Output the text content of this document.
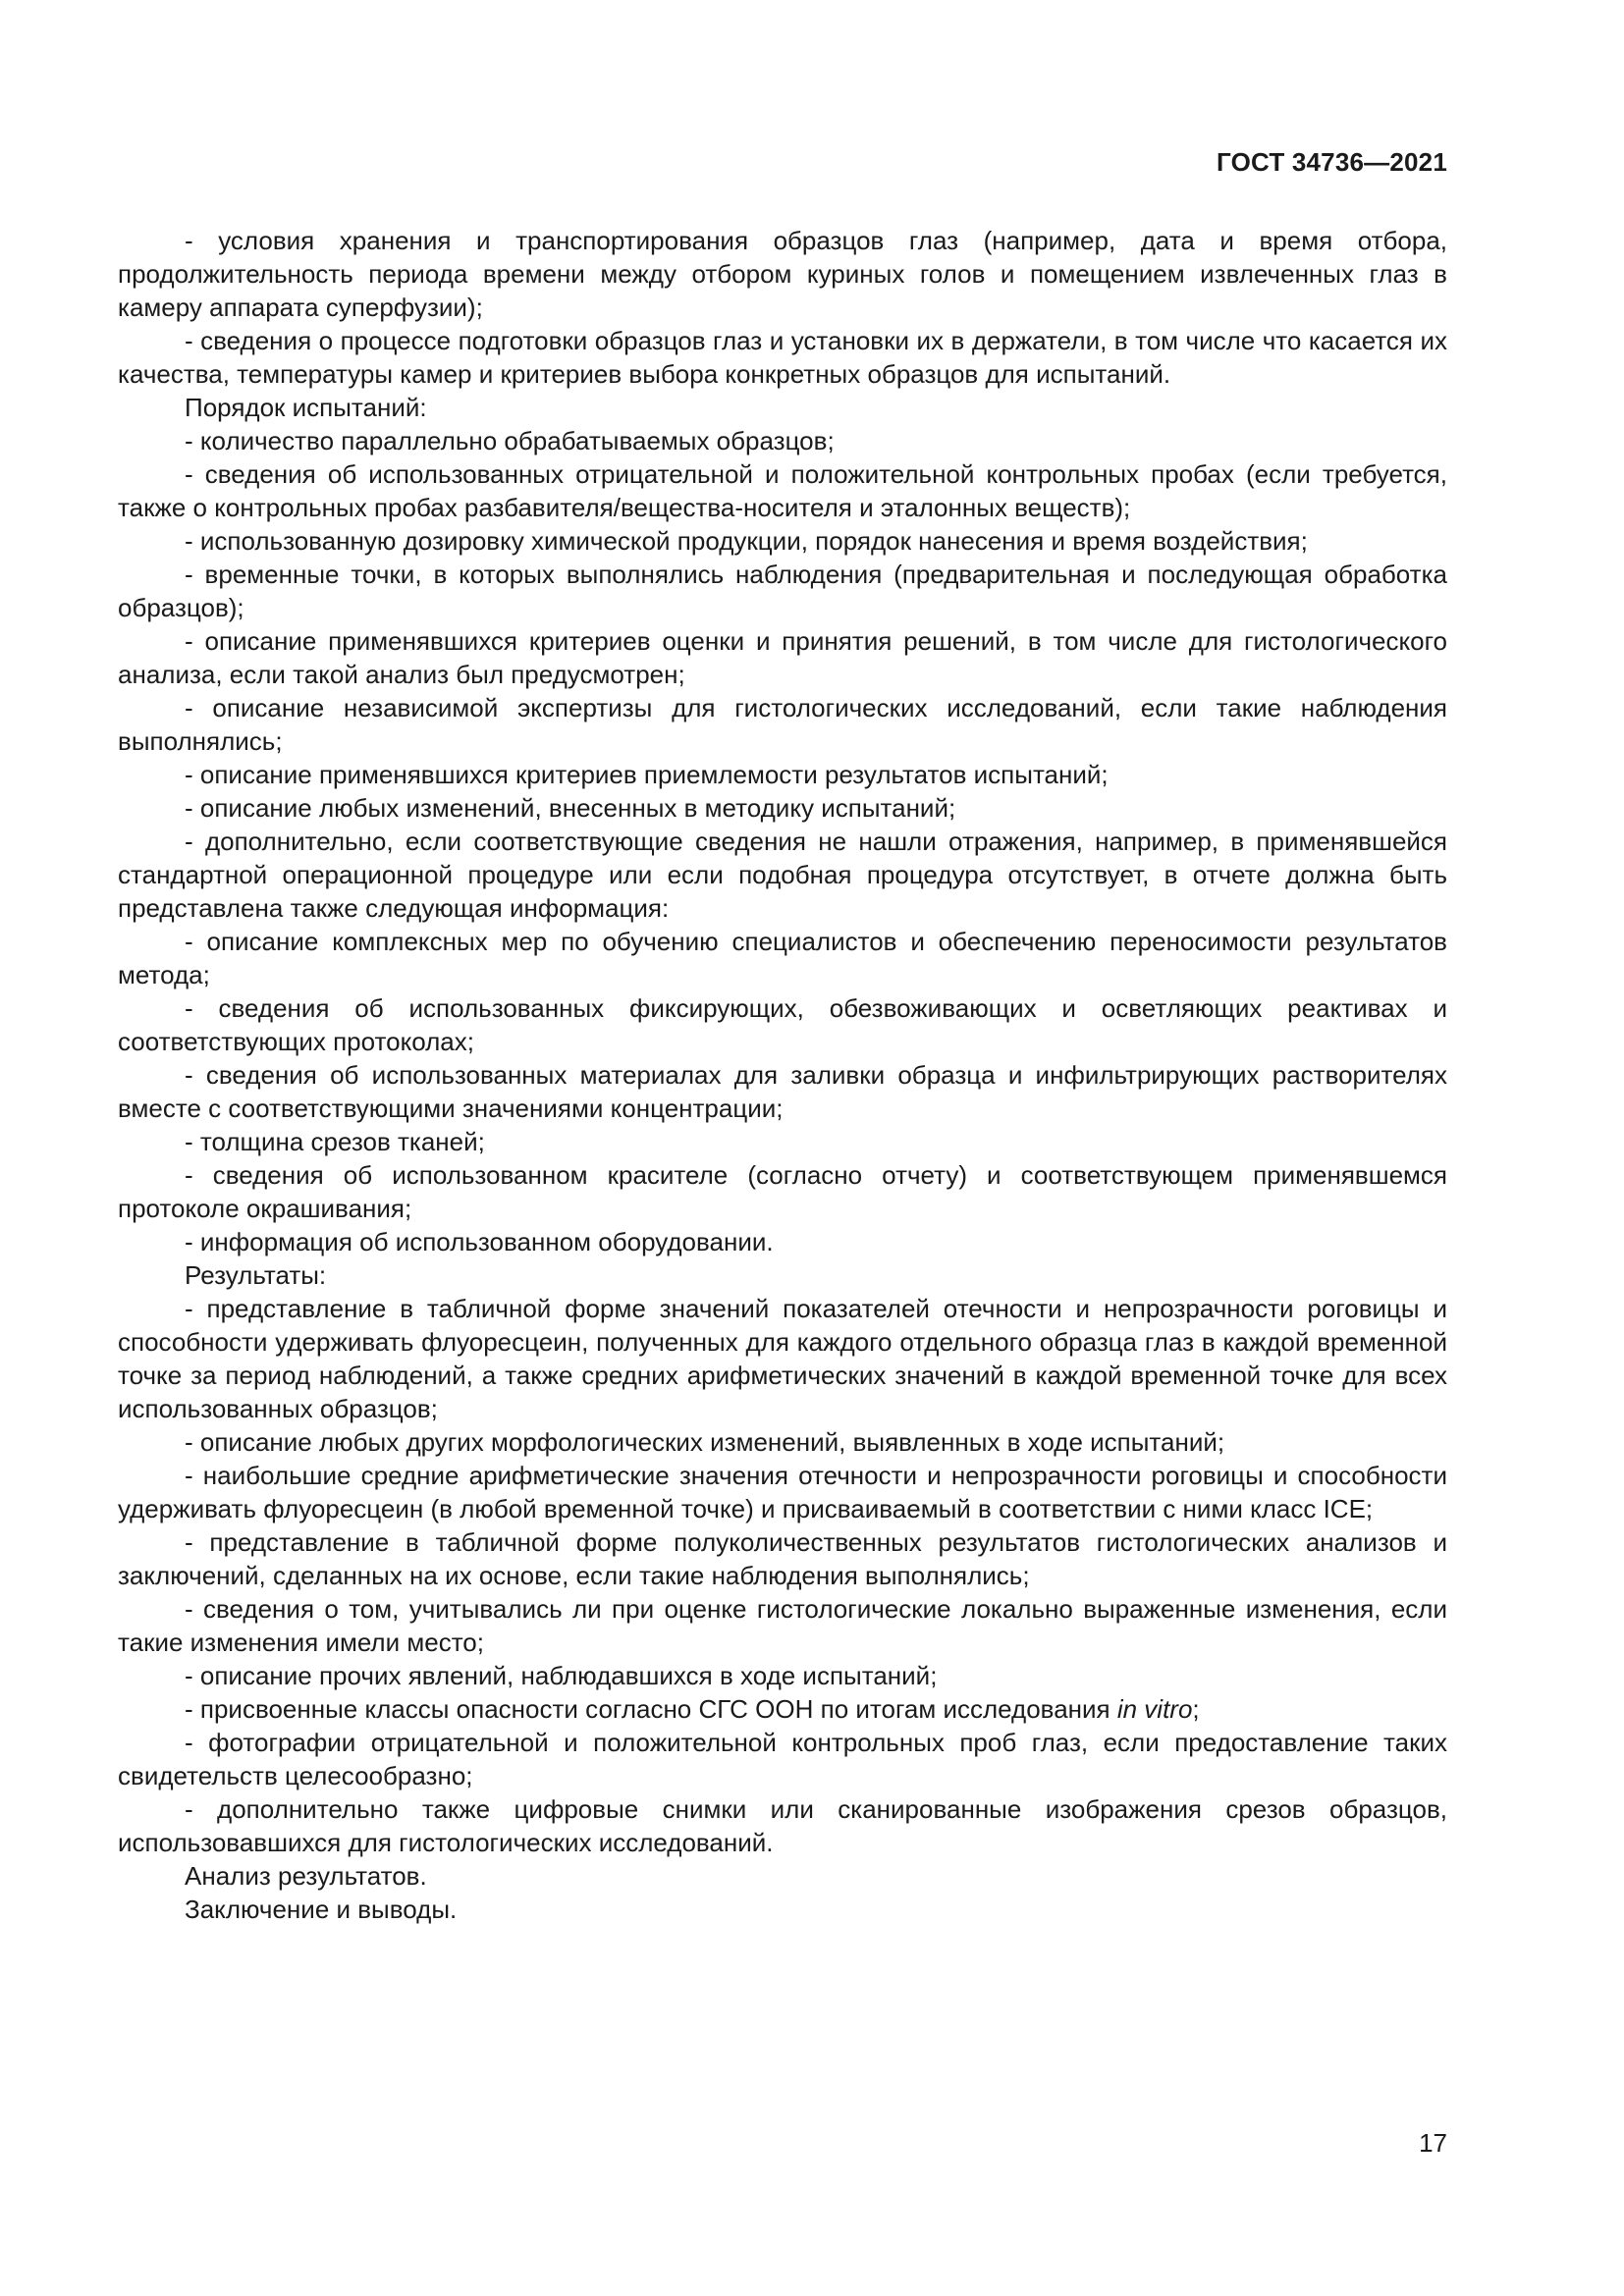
ГОСТ 34736—2021

- условия хранения и транспортирования образцов глаз (например, дата и время отбора, продолжительность периода времени между отбором куриных голов и помещением извлеченных глаз в камеру аппарата суперфузии);

- сведения о процессе подготовки образцов глаз и установки их в держатели, в том числе что касается их качества, температуры камер и критериев выбора конкретных образцов для испытаний.

Порядок испытаний:

- количество параллельно обрабатываемых образцов;

- сведения об использованных отрицательной и положительной контрольных пробах (если требуется, также о контрольных пробах разбавителя/вещества-носителя и эталонных веществ);

- использованную дозировку химической продукции, порядок нанесения и время воздействия;

- временные точки, в которых выполнялись наблюдения (предварительная и последующая обработка образцов);

- описание применявшихся критериев оценки и принятия решений, в том числе для гистологического анализа, если такой анализ был предусмотрен;

- описание независимой экспертизы для гистологических исследований, если такие наблюдения выполнялись;

- описание применявшихся критериев приемлемости результатов испытаний;

- описание любых изменений, внесенных в методику испытаний;

- дополнительно, если соответствующие сведения не нашли отражения, например, в применявшейся стандартной операционной процедуре или если подобная процедура отсутствует, в отчете должна быть представлена также следующая информация:

- описание комплексных мер по обучению специалистов и обеспечению переносимости результатов метода;

- сведения об использованных фиксирующих, обезвоживающих и осветляющих реактивах и соответствующих протоколах;

- сведения об использованных материалах для заливки образца и инфильтрирующих растворителях вместе с соответствующими значениями концентрации;

- толщина срезов тканей;

- сведения об использованном красителе (согласно отчету) и соответствующем применявшемся протоколе окрашивания;

- информация об использованном оборудовании.

Результаты:

- представление в табличной форме значений показателей отечности и непрозрачности роговицы и способности удерживать флуоресцеин, полученных для каждого отдельного образца глаз в каждой временной точке за период наблюдений, а также средних арифметических значений в каждой временной точке для всех использованных образцов;

- описание любых других морфологических изменений, выявленных в ходе испытаний;

- наибольшие средние арифметические значения отечности и непрозрачности роговицы и способности удерживать флуоресцеин (в любой временной точке) и присваиваемый в соответствии с ними класс ICE;

- представление в табличной форме полуколичественных результатов гистологических анализов и заключений, сделанных на их основе, если такие наблюдения выполнялись;

- сведения о том, учитывались ли при оценке гистологические локально выраженные изменения, если такие изменения имели место;

- описание прочих явлений, наблюдавшихся в ходе испытаний;

- присвоенные классы опасности согласно СГС ООН по итогам исследования in vitro;

- фотографии отрицательной и положительной контрольных проб глаз, если предоставление таких свидетельств целесообразно;

- дополнительно также цифровые снимки или сканированные изображения срезов образцов, использовавшихся для гистологических исследований.

Анализ результатов.

Заключение и выводы.

17
